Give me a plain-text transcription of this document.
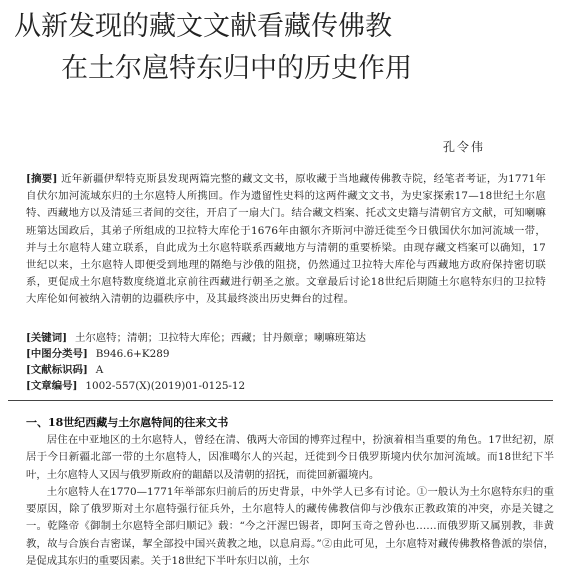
从新发现的藏文文献看藏传佛教
在土尔扈特东归中的历史作用
孔令伟
[摘要] 近年新疆伊犁特克斯县发现两篇完整的藏文文书，原收藏于当地藏传佛教寺院，经笔者考证，为1771年自伏尔加河流域东归的土尔扈特人所携回。作为遗留性史料的这两件藏文文书，为史家探索17—18世纪土尔扈特、西藏地方以及清延三者间的交往，开启了一扇大门。结合藏文档案、托忒文史籍与清朝官方文献，可知喇嘛班第达国政后，其弟子所组成的卫拉特大库伦于1676年由额尔齐斯河中游迁徙至今日俄国伏尔加河流域一带，并与土尔扈特人建立联系，自此成为土尔扈特联系西藏地方与清朝的重要桥梁。由现存藏文档案可以确知，17世纪以来，土尔扈特人即便受到地理的隔绝与沙俄的阻挠，仍然通过卫拉特大库伦与西藏地方政府保持密切联系，更促成土尔扈特数度绕道北京前往西藏进行朝圣之旅。文章最后讨论18世纪后期随土尔扈特东归的卫拉特大库伦如何被纳入清朝的边疆秩序中，及其最终淡出历史舞台的过程。
[关键词] 土尔扈特；清朝；卫拉特大库伦；西藏；甘丹颇章；喇嘛班第达
[中图分类号] B946.6+K289
[文献标识码] A
[文章编号] 1002-557(X)(2019)01-0125-12
一、18世纪西藏与土尔扈特间的往来文书

居住在中亚地区的土尔扈特人，曾经在清、俄两大帝国的博弈过程中，扮演着相当重要的角色。17世纪初，原居于今日新疆北部一带的土尔扈特人，因准噶尔人的兴起，迁徙到今日俄罗斯境内伏尔加河流域。而18世纪下半叶，土尔扈特人又因与俄罗斯政府的龃龉以及清朝的招抚，而徙回新疆境内。

土尔扈特人在1770—1771年举部东归前后的历史背景，中外学人已多有讨论。①一般认为土尔扈特东归的重要原因，除了俄罗斯对土尔扈特强行征兵外，土尔扈特人的藏传佛教信仰与沙俄东正教政策的冲突，亦是关键之一。乾隆帝《御制土尔扈特全部归顺记》载：“今之汗渥巴锡者，即阿玉奇之曾孙也……而俄罗斯又属别教，非黄教，故与合族台吉密谋，挈全部投中国兴黄教之地，以息肩焉。”②由此可见，土尔扈特对藏传佛教格鲁派的崇信，是促成其东归的重要因素。关于18世纪下半叶东归以前，土尔
